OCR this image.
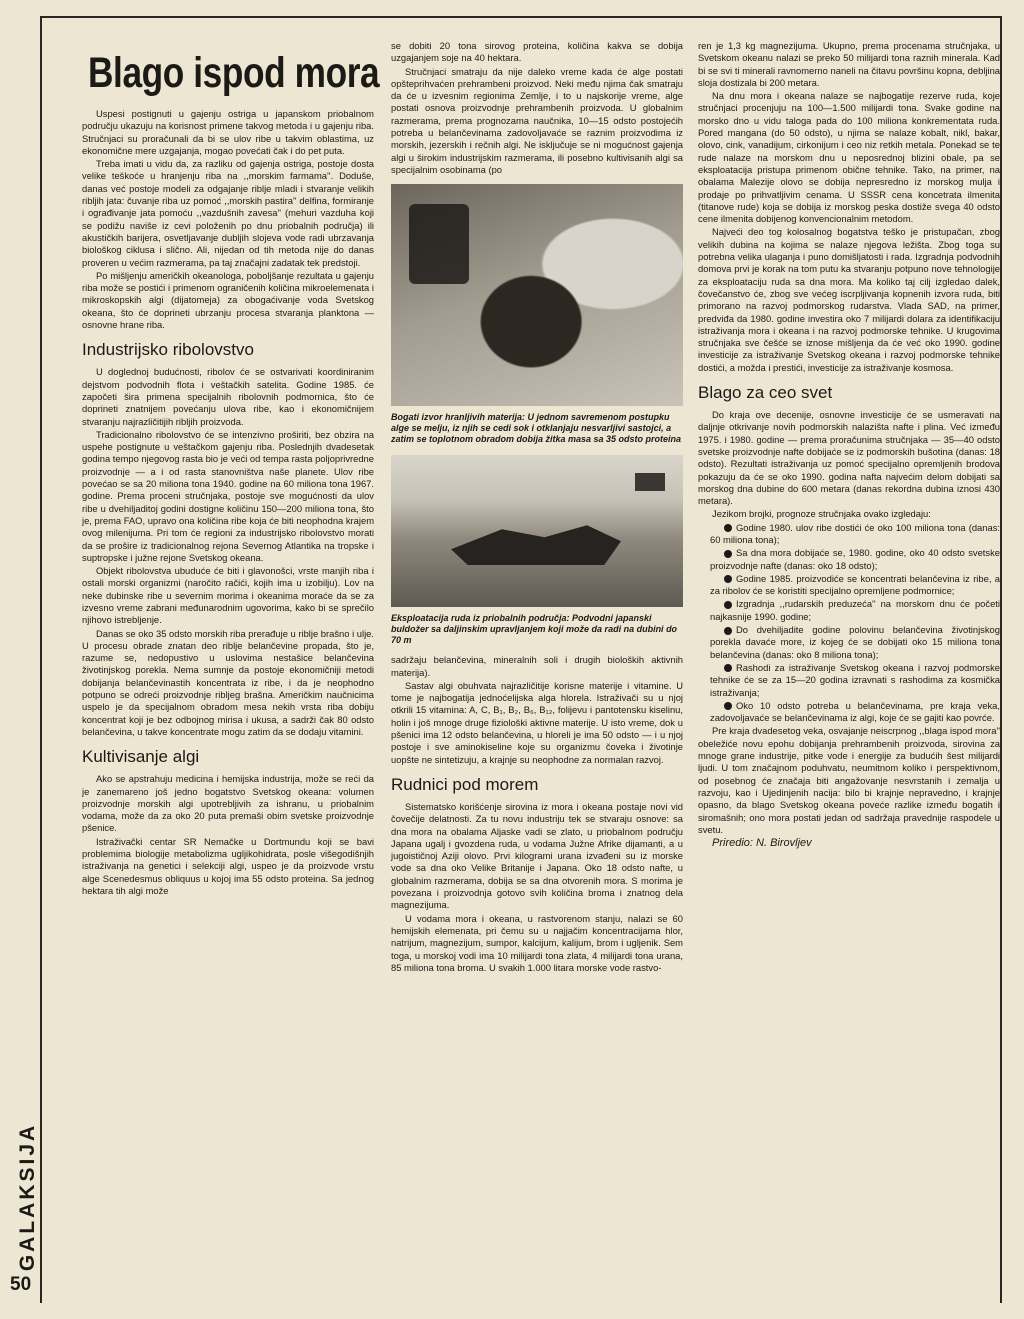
GALAKSIJA
50
Blago ispod mora

Uspesi postignuti u gajenju ostriga u japanskom priobalnom području ukazuju na korisnost primene takvog metoda i u gajenju riba. Stručnjaci su proračunali da bi se ulov ribe u takvim oblastima, uz ekonomične mere uzgajanja, mogao povećati čak i do pet puta.

Treba imati u vidu da, za razliku od gajenja ostriga, postoje dosta velike teškoće u hranjenju riba na ,,morskim farmama''. Doduše, danas već postoje modeli za odgajanje riblje mladi i stvaranje velikih ribljih jata: čuvanje riba uz pomoć ,,morskih pastira'' delfina, formiranje i ograđivanje jata pomoću ,,vazdušnih zavesa'' (mehuri vazduha koji se podižu naviše iz cevi položenih po dnu priobalnih područja) ili akustičkih barijera, osvetljavanje dubljih slojeva vode radi ubrzavanja biološkog ciklusa i slično. Ali, nijedan od tih metoda nije do danas proveren u većim razmerama, pa taj značajni zadatak tek predstoji.

Po mišljenju američkih okeanologa, poboljšanje rezultata u gajenju riba može se postići i primenom ograničenih količina mikroelemenata i mikroskopskih algi (dijatomeja) za obogaćivanje voda Svetskog okeana, što će doprineti ubrzanju procesa stvaranja planktona — osnovne hrane riba.

Industrijsko ribolovstvo

U doglednoj budućnosti, ribolov će se ostvarivati koordiniranim dejstvom podvodnih flota i veštačkih satelita. Godine 1985. će započeti šira primena specijalnih ribolovnih podmornica, što će doprineti znatnijem povećanju ulova ribe, kao i ekonomičnijem stvaranju najrazličitijih ribljih proizvoda.

Tradicionalno ribolovstvo će se intenzivno proširiti, bez obzira na uspehe postignute u veštačkom gajenju riba. Poslednjih dvadesetak godina tempo njegovog rasta bio je veći od tempa rasta poljoprivredne proizvodnje — a i od rasta stanovništva naše planete. Ulov ribe povećao se sa 20 miliona tona 1940. godine na 60 miliona tona 1967. godine. Prema proceni stručnjaka, postoje sve mogućnosti da ulov ribe u dvehiljaditoj godini dostigne količinu 150—200 miliona tona, što je, prema FAO, upravo ona količina ribe koja će biti neophodna krajem ovog milenijuma. Pri tom će regioni za industrijsko ribolovstvo morati da se prošire iz tradicionalnog rejona Severnog Atlantika na tropske i suptropske i južne rejone Svetskog okeana.

Objekt ribolovstva ubuduće će biti i glavonošci, vrste manjih riba i ostali morski organizmi (naročito račići, kojih ima u izobilju). Lov na neke dubinske ribe u severnim morima i okeanima moraće da se za izvesno vreme zabrani međunarodnim ugovorima, kako bi se sprečilo njihovo istrebljenje.

Danas se oko 35 odsto morskih riba prerađuje u riblje brašno i ulje. U procesu obrade znatan deo riblje belančevine propada, što je, razume se, nedopustivo u uslovima nestašice belančevina životinjskog porekla. Nema sumnje da postoje ekonomičniji metodi dobijanja belančevinastih koncentrata iz ribe, i da je neophodno potpuno se odreći proizvodnje ribljeg brašna. Američkim naučnicima uspelo je da specijalnom obradom mesa nekih vrsta riba dobiju koncentrat koji je bez odbojnog mirisa i ukusa, a sadrži čak 80 odsto belančevina, u takve koncentrate mogu zatim da se dodaju vitamini.

Kultivisanje algi

Ako se apstrahuju medicina i hemijska industrija, može se reći da je zanemareno još jedno bogatstvo Svetskog okeana: volumen proizvodnje morskih algi upotrebljivih za ishranu, u priobalnim vodama, može da za oko 20 puta premaši obim svetske proizvodnje pšenice.

Istraživački centar SR Nemačke u Dortmundu koji se bavi problemima biologije metabolizma ugljikohidrata, posle višegodišnjih istraživanja na genetici i selekciji algi, uspeo je da proizvode vrstu alge Scenedesmus obliquus u kojoj ima 55 odsto proteina. Sa jednog hektara tih algi može

se dobiti 20 tona sirovog proteina, količina kakva se dobija uzgajanjem soje na 40 hektara.

Stručnjaci smatraju da nije daleko vreme kada će alge postati opšteprihvaćen prehrambeni proizvod. Neki među njima čak smatraju da će u izvesnim regionima Zemlje, i to u najskorije vreme, alge postati osnova proizvodnje prehrambenih proizvoda. U globalnim razmerama, prema prognozama naučnika, 10—15 odsto postojećih potreba u belančevinama zadovoljavaće se raznim proizvodima iz morskih, jezerskih i rečnih algi. Ne isključuje se ni mogućnost gajenja algi u širokim industrijskim razmerama, ili posebno kultivisanih algi sa specijalnim osobinama (po

Bogati izvor hranljivih materija: U jednom savremenom postupku alge se melju, iz njih se cedi sok i otklanjaju nesvarljivi sastojci, a zatim se toplotnom obradom dobija žitka masa sa 35 odsto proteina
Eksploatacija ruda iz priobalnih područja: Podvodni japanski buldožer sa daljinskim upravljanjem koji može da radi na dubini do 70 m

sadržaju belančevina, mineralnih soli i drugih bioloških aktivnih materija).

Sastav algi obuhvata najrazličitije korisne materije i vitamine. U tome je najbogatija jednoćelijska alga hlorela. Istraživači su u njoj otkrili 15 vitamina: A, C, B₁, B₂, B₆, B₁₂, folijevu i pantotensku kiselinu, holin i još mnoge druge fiziološki aktivne materije. U isto vreme, dok u pšenici ima 12 odsto belančevina, u hloreli je ima 50 odsto — i u njoj postoje i sve aminokiseline koje su organizmu čoveka i životinje uopšte ne sintetizuju, a krajnje su neophodne za normalan razvoj.

Rudnici pod morem

Sistematsko korišćenje sirovina iz mora i okeana postaje novi vid čovečije delatnosti. Za tu novu industriju tek se stvaraju osnove: sa dna mora na obalama Aljaske vadi se zlato, u priobalnom području Japana ugalj i gvozdena ruda, u vodama Južne Afrike dijamanti, a u jugoističnoj Aziji olovo. Prvi kilogrami urana izvađeni su iz morske vode sa dna oko Velike Britanije i Japana. Oko 18 odsto nafte, u globalnim razmerama, dobija se sa dna otvorenih mora. S morima je povezana i proizvodnja gotovo svih količina broma i znatnog dela magnezijuma.

U vodama mora i okeana, u rastvorenom stanju, nalazi se 60 hemijskih elemenata, pri čemu su u najjačim koncentracijama hlor, natrijum, magnezijum, sumpor, kalcijum, kalijum, brom i ugljenik. Sem toga, u morskoj vodi ima 10 milijardi tona zlata, 4 milijardi tona urana, 85 miliona tona broma. U svakih 1.000 litara morske vode rastvo-

ren je 1,3 kg magnezijuma. Ukupno, prema procenama stručnjaka, u Svetskom okeanu nalazi se preko 50 milijardi tona raznih minerala. Kad bi se svi ti minerali ravnomerno naneli na čitavu površinu kopna, debljina sloja dostizala bi 200 metara.

Na dnu mora i okeana nalaze se najbogatije rezerve ruda, koje stručnjaci procenjuju na 100—1.500 milijardi tona. Svake godine na morsko dno u vidu taloga pada do 100 miliona konkrementata ruda. Pored mangana (do 50 odsto), u njima se nalaze kobalt, nikl, bakar, olovo, cink, vanadijum, cirkonijum i ceo niz retkih metala. Ponekad se te rude nalaze na morskom dnu u neposrednoj blizini obale, pa se eksploatacija pristupa primenom obične tehnike. Tako, na primer, na obalama Malezije olovo se dobija nepresredno iz morskog mulja i prodaje po prihvatljivim cenama. U SSSR cena koncetrata ilmenita (titanove rude) koja se dobija iz morskog peska dostiže svega 40 odsto cene ilmenita dobijenog konvencionalnim metodom.

Najveći deo tog kolosalnog bogatstva teško je pristupačan, zbog velikih dubina na kojima se nalaze njegova ležišta. Zbog toga su potrebna velika ulaganja i puno domišljatosti i rada. Izgradnja podvodnih domova prvi je korak na tom putu ka stvaranju potpuno nove tehnologije za eksploataciju ruda sa dna mora. Ma koliko taj cilj izgledao dalek, čovečanstvo će, zbog sve većeg iscrpljivanja kopnenih izvora ruda, biti primorano na razvoj podmorskog rudarstva. Vlada SAD, na primer, predviđa da 1980. godine investira oko 7 milijardi dolara za identifikaciju istraživanja mora i okeana i na razvoj podmorske tehnike. U krugovima stručnjaka sve češće se iznose mišljenja da će već oko 1990. godine investicije za istraživanje Svetskog okeana i razvoj podmorske tehnike dostići, a možda i prestići, investicije za istraživanje kosmosa.

Blago za ceo svet

Do kraja ove decenije, osnovne investicije će se usmeravati na daljnje otkrivanje novih podmorskih nalazišta nafte i plina. Već između 1975. i 1980. godine — prema proračunima stručnjaka — 35—40 odsto svetske proizvodnje nafte dobijaće se iz podmorskih bušotina (danas: 18 odsto). Rezultati istraživanja uz pomoć specijalno opremljenih brodova pokazuju da će se oko 1990. godina nafta najvećim delom dobijati sa morskog dna dubine do 600 metara (danas rekordna dubina iznosi 430 metara).

Jezikom brojki, prognoze stručnjaka ovako izgledaju:

Godine 1980. ulov ribe dostići će oko 100 miliona tona (danas: 60 miliona tona);

Sa dna mora dobijaće se, 1980. godine, oko 40 odsto svetske proizvodnje nafte (danas: oko 18 odsto);

Godine 1985. proizvodiće se koncentrati belančevina iz ribe, a za ribolov će se koristiti specijalno opremljene podmornice;

Izgradnja ,,rudarskih preduzeća'' na morskom dnu će početi najkasnije 1990. godine;

Do dvehiljadite godine polovinu belančevina životinjskog porekla davaće more, iz kojeg će se dobijati oko 15 miliona tona belančevina (danas: oko 8 miliona tona);

Rashodi za istraživanje Svetskog okeana i razvoj podmorske tehnike će se za 15—20 godina izravnati s rashodima za kosmička istraživanja;

Oko 10 odsto potreba u belančevinama, pre kraja veka, zadovoljavaće se belančevinama iz algi, koje će se gajiti kao povrće.

Pre kraja dvadesetog veka, osvajanje neiscrpnog ,,blaga ispod mora'' obeležiće novu epohu dobijanja prehrambenih proizvoda, sirovina za mnoge grane industrije, pitke vode i energije za budućih šest milijardi ljudi. U tom značajnom poduhvatu, neumitnom koliko i perspektivnom, od posebnog će značaja biti angažovanje nesvrstanih i zemalja u razvoju, kao i Ujedinjenih nacija: bilo bi krajnje nepravedno, i krajnje opasno, da blago Svetskog okeana poveće razlike između bogatih i siromašnih; ono mora postati jedan od sadržaja pravednije raspodele u svetu.

Priredio: N. Birovljev
